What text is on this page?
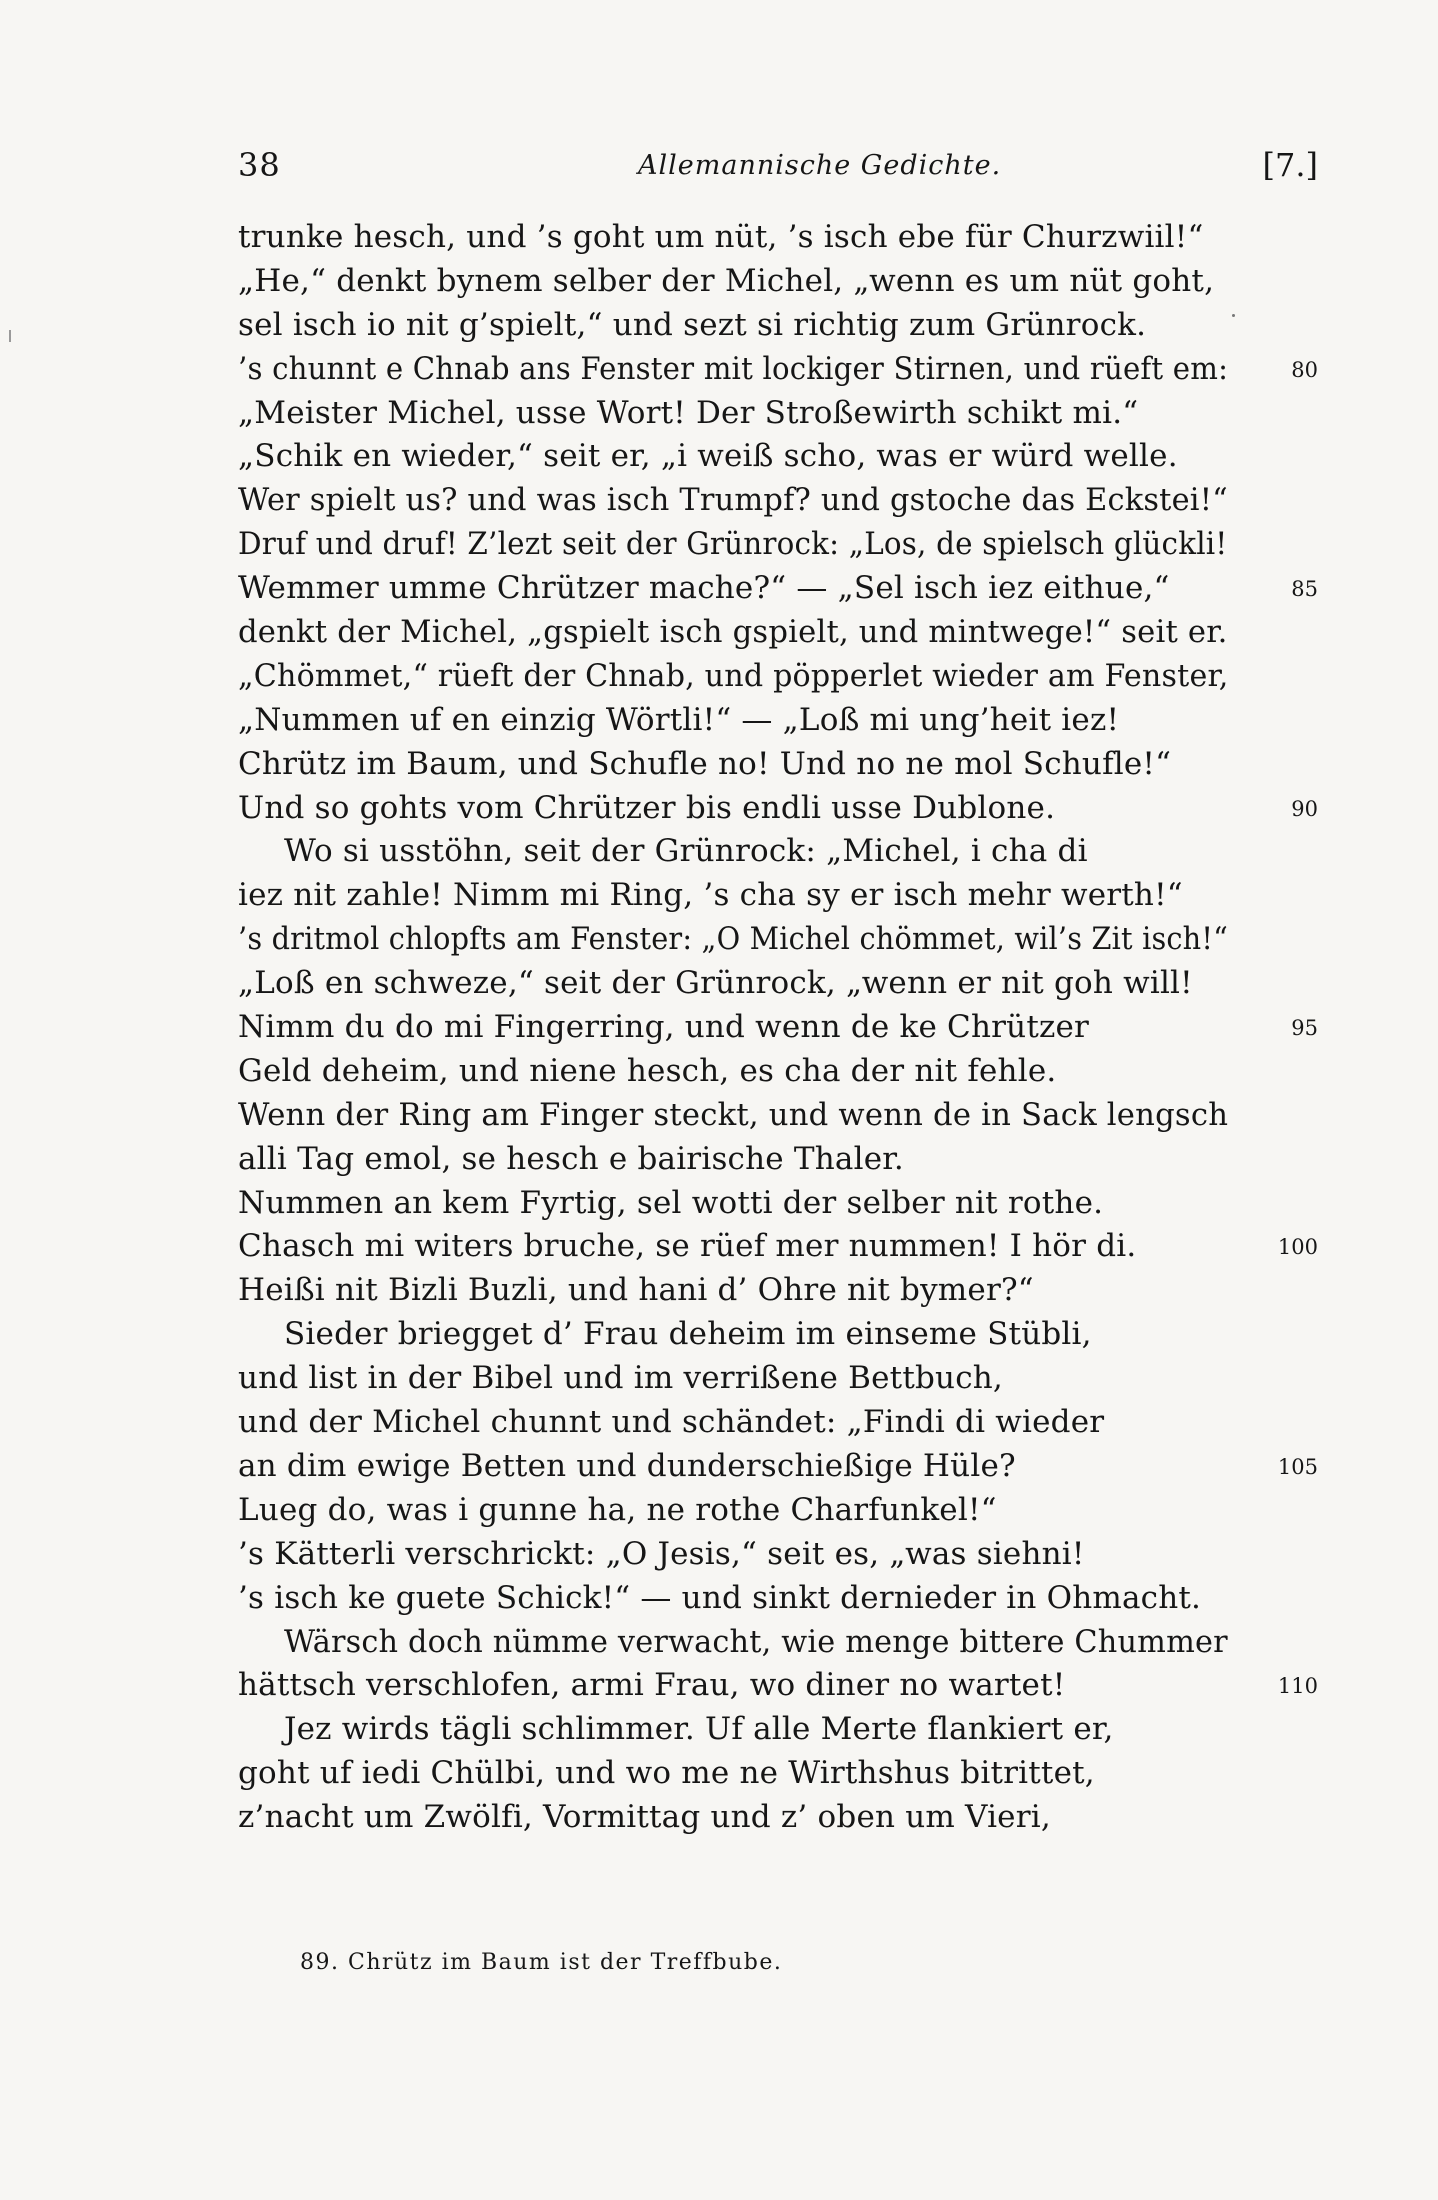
38	Allemannische Gedichte.	[7.]
trunke hesch, und ’s goht um nüt, ’s isch ebe für Churzwiil!“
„He,“ denkt bynem selber der Michel, „wenn es um nüt goht,
sel isch io nit g’spielt,“ und sezt si richtig zum Grünrock.
’s chunnt e Chnab ans Fenster mit lockiger Stirnen, und rüeft em:	80
„Meister Michel, usse Wort! Der Stroßewirth schikt mi.“
„Schik en wieder,“ seit er, „i weiß scho, was er würd welle.
Wer spielt us? und was isch Trumpf? und gstoche das Eckstei!“
Druf und druf! Z’lezt seit der Grünrock: „Los, de spielsch glückli!
Wemmer umme Chrützer mache?“ — „Sel isch iez eithue,“	85
denkt der Michel, „gspielt isch gspielt, und mintwege!“ seit er.
„Chömmet,“ rüeft der Chnab, und pöpperlet wieder am Fenster,
„Nummen uf en einzig Wörtli!“ — „Loß mi ung’heit iez!
Chrütz im Baum, und Schufle no! Und no ne mol Schufle!“
Und so gohts vom Chrützer bis endli usse Dublone.	90
Wo si usstöhn, seit der Grünrock: „Michel, i cha di
iez nit zahle! Nimm mi Ring, ’s cha sy er isch mehr werth!“
’s dritmol chlopfts am Fenster: „O Michel chömmet, wil’s Zit isch!“
„Loß en schweze,“ seit der Grünrock, „wenn er nit goh will!
Nimm du do mi Fingerring, und wenn de ke Chrützer	95
Geld deheim, und niene hesch, es cha der nit fehle.
Wenn der Ring am Finger steckt, und wenn de in Sack lengsch
alli Tag emol, se hesch e bairische Thaler.
Nummen an kem Fyrtig, sel wotti der selber nit rothe.
Chasch mi witers bruche, se rüef mer nummen! I hör di.	100
Heißi nit Bizli Buzli, und hani d’ Ohre nit bymer?“
Sieder briegget d’ Frau deheim im einseme Stübli,
und list in der Bibel und im verrißene Bettbuch,
und der Michel chunnt und schändet: „Findi di wieder
an dim ewige Betten und dunderschießige Hüle?	105
Lueg do, was i gunne ha, ne rothe Charfunkel!“
’s Kätterli verschrickt: „O Jesis,“ seit es, „was siehni!
’s isch ke guete Schick!“ — und sinkt dernieder in Ohmacht.
Wärsch doch nümme verwacht, wie menge bittere Chummer
hättsch verschlofen, armi Frau, wo diner no wartet!	110
Jez wirds tägli schlimmer. Uf alle Merte flankiert er,
goht uf iedi Chülbi, und wo me ne Wirthshus bitrittet,
z’nacht um Zwölfi, Vormittag und z’ oben um Vieri,
89. Chrütz im Baum ist der Treffbube.
